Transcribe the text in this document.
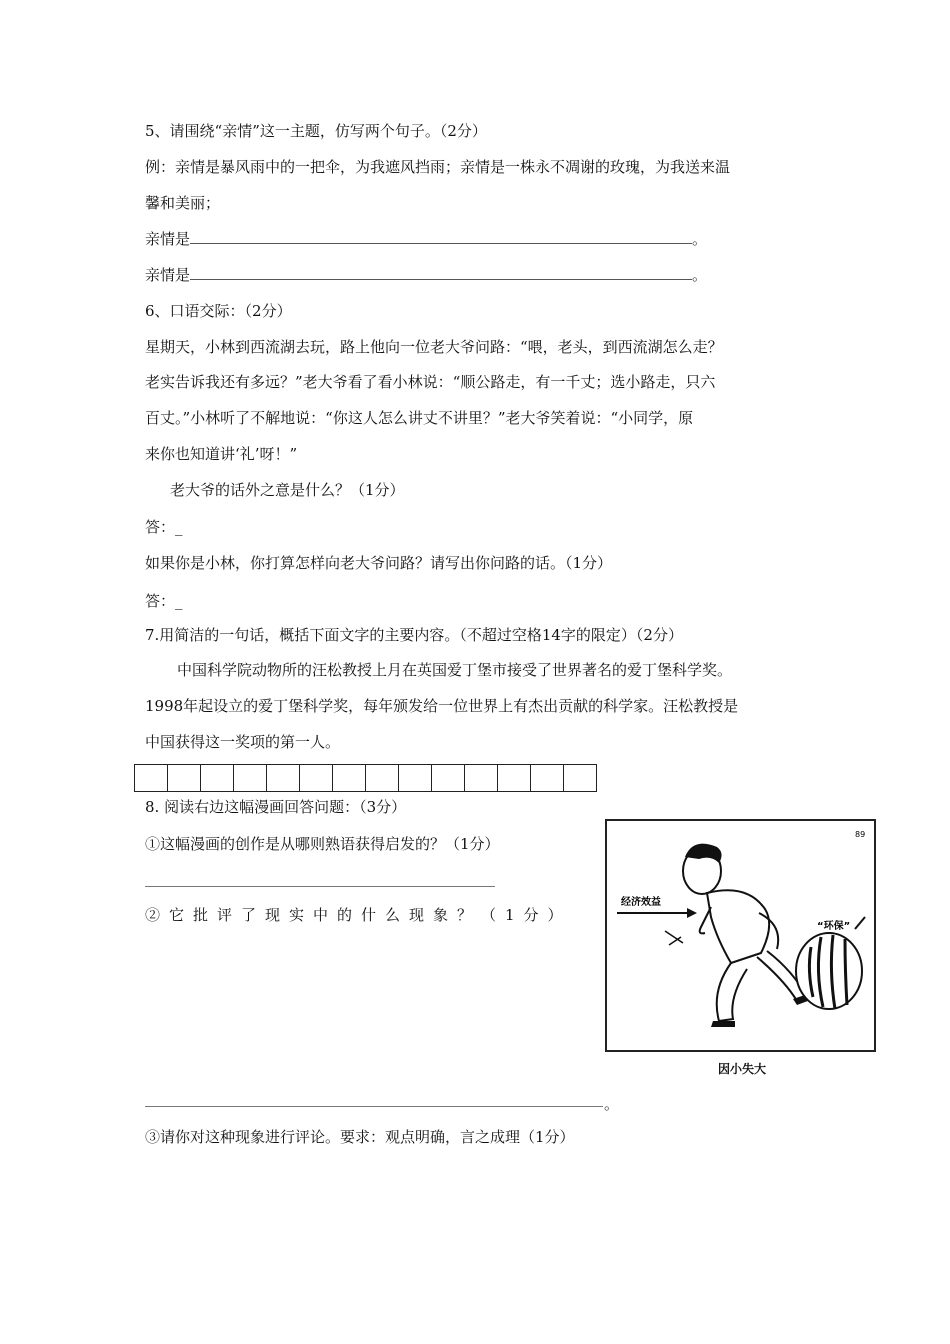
5、请围绕“亲情”这一主题，仿写两个句子。（2分）
例：亲情是暴风雨中的一把伞，为我遮风挡雨；亲情是一株永不凋谢的玫瑰，为我送来温
馨和美丽；
亲情是	。
亲情是	。
6、口语交际：（2分）
星期天，小林到西流湖去玩，路上他向一位老大爷问路：“喂，老头，到西流湖怎么走？
老实告诉我还有多远？”老大爷看了看小林说：“顺公路走，有一千丈；选小路走，只六
百丈。”小林听了不解地说：“你这人怎么讲丈不讲里？”老大爷笑着说：“小同学，原
来你也知道讲‘礼’呀！”
老大爷的话外之意是什么？（1分）
答：_
如果你是小林，你打算怎样向老大爷问路？请写出你问路的话。（1分）
答：_
7.用简洁的一句话，概括下面文字的主要内容。（不超过空格14字的限定）（2分）
中国科学院动物所的汪松教授上月在英国爱丁堡市接受了世界著名的爱丁堡科学奖。
1998年起设立的爱丁堡科学奖，每年颁发给一位世界上有杰出贡献的科学家。汪松教授是
中国获得这一奖项的第一人。
8. 阅读右边这幅漫画回答问题：（3分）
①这幅漫画的创作是从哪则熟语获得启发的？（1分）
②它批评了现实中的什么现象？（1分）
89
经济效益
“环保”
因小失大
。
③请你对这种现象进行评论。要求：观点明确，言之成理（1分）
